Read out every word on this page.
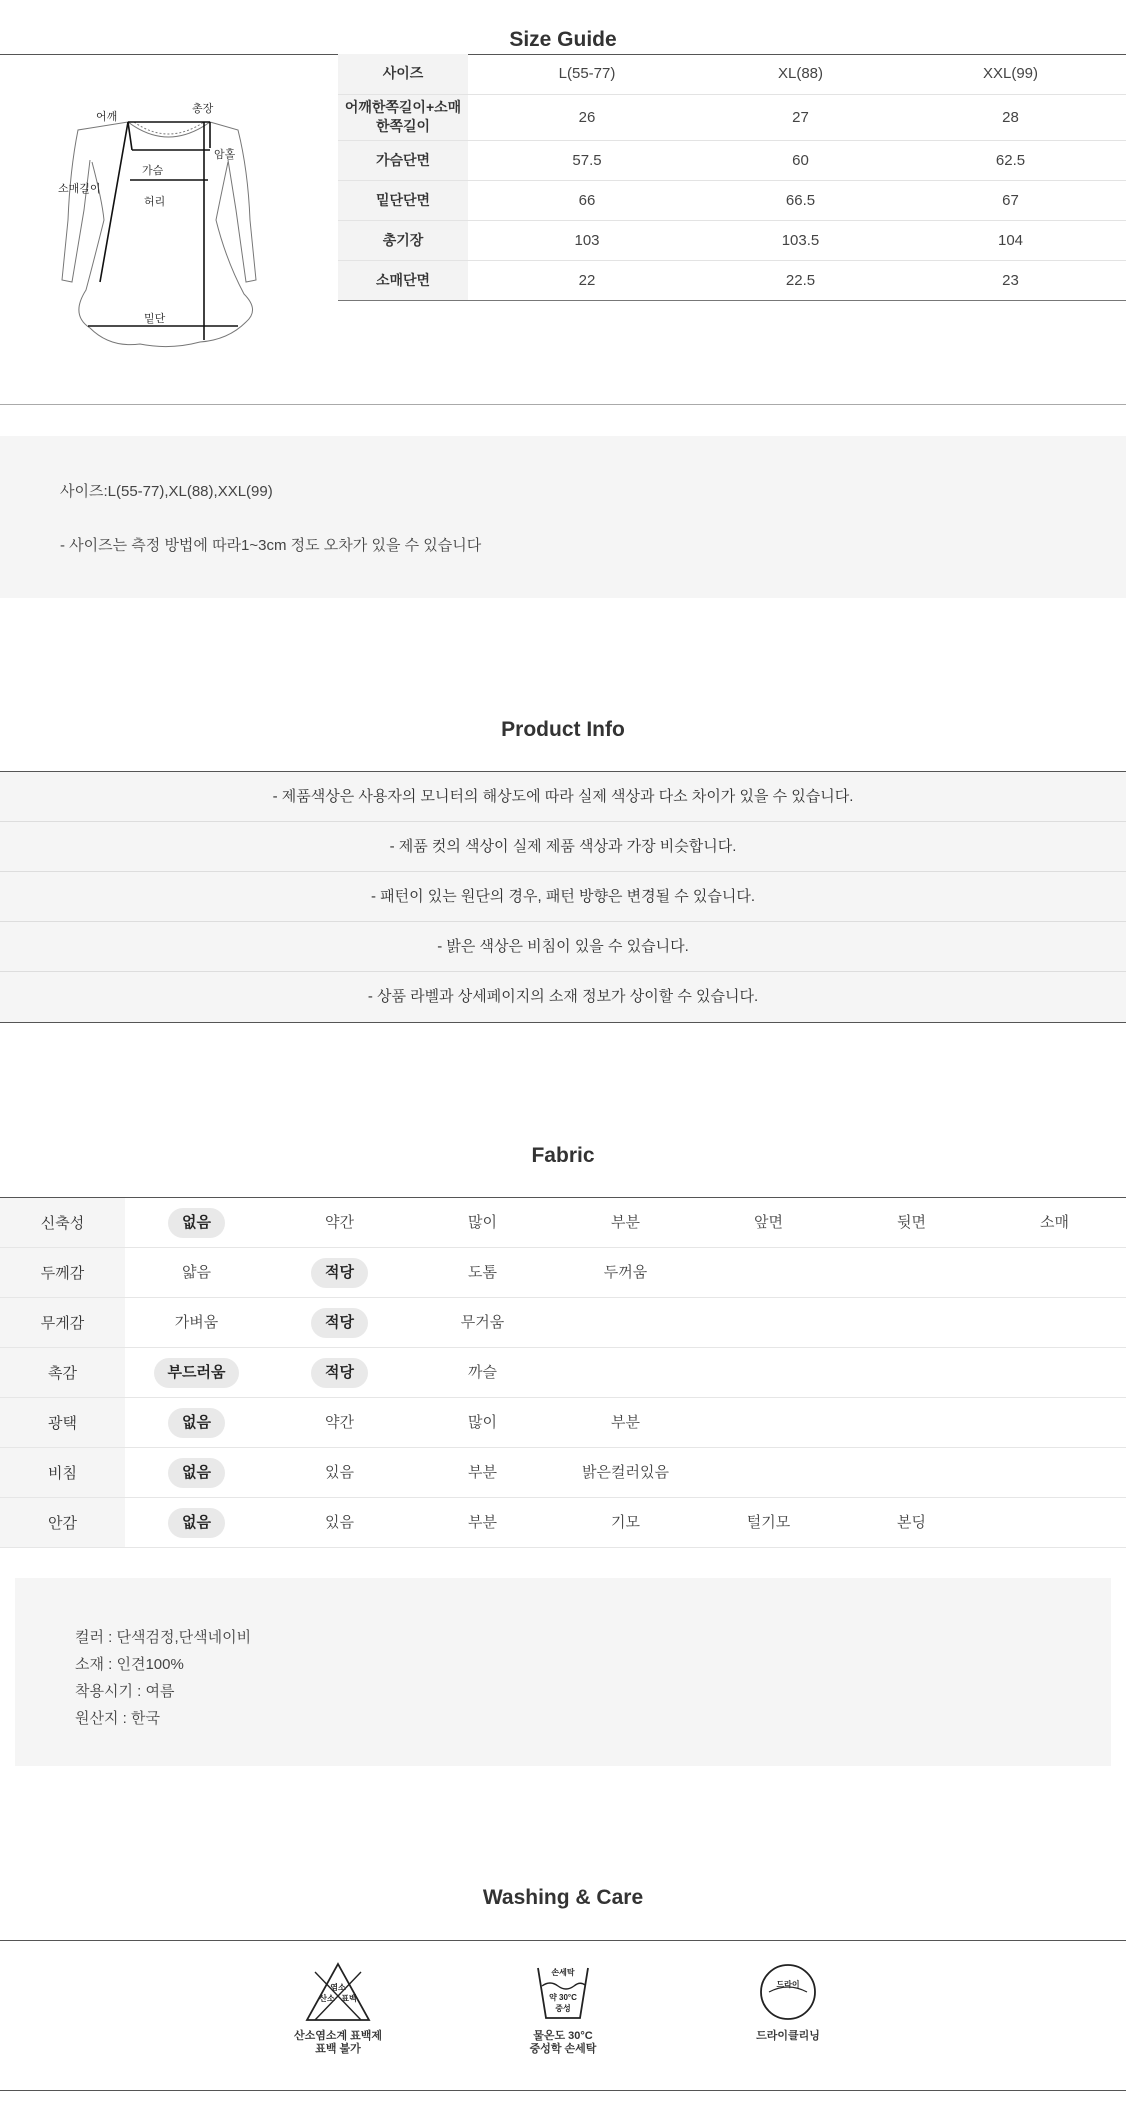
Size Guide
어깨
총장
암홀
가슴
소매길이
허리
밑단
사이즈	L(55-77)	XL(88)	XXL(99)
어깨한쪽길이+소매
한쪽길이	26	27	28
가슴단면	57.5	60	62.5
밑단단면	66	66.5	67
총기장	103	103.5	104
소매단면	22	22.5	23

사이즈:L(55-77),XL(88),XXL(99)

- 사이즈는 측정 방법에 따라1~3cm 정도 오차가 있을 수 있습니다

Product Info
- 제품색상은 사용자의 모니터의 해상도에 따라 실제 색상과 다소 차이가 있을 수 있습니다.
- 제품 컷의 색상이 실제 제품 색상과 가장 비슷합니다.
- 패턴이 있는 원단의 경우, 패턴 방향은 변경될 수 있습니다.
- 밝은 색상은 비침이 있을 수 있습니다.
- 상품 라벨과 상세페이지의 소재 정보가 상이할 수 있습니다.
Fabric
신축성	없음	약간	많이	부분	앞면	뒷면	소매
두께감	얇음	적당	도톰	두꺼움			
무게감	가벼움	적당	무거움				
촉감	부드러움	적당	까슬				
광택	없음	약간	많이	부분			
비침	없음	있음	부분	밝은컬러있음			
안감	없음	있음	부분	기모	털기모	본딩	
컬러 : 단색검정,단색네이비
소재 : 인견100%
착용시기 : 여름
원산지 : 한국
Washing & Care
염소
산소 표백
산소염소계 표백제
표백 불가
손세탁
약 30°C
중성
물온도 30°C
중성학 손세탁
드라이
드라이클리닝
